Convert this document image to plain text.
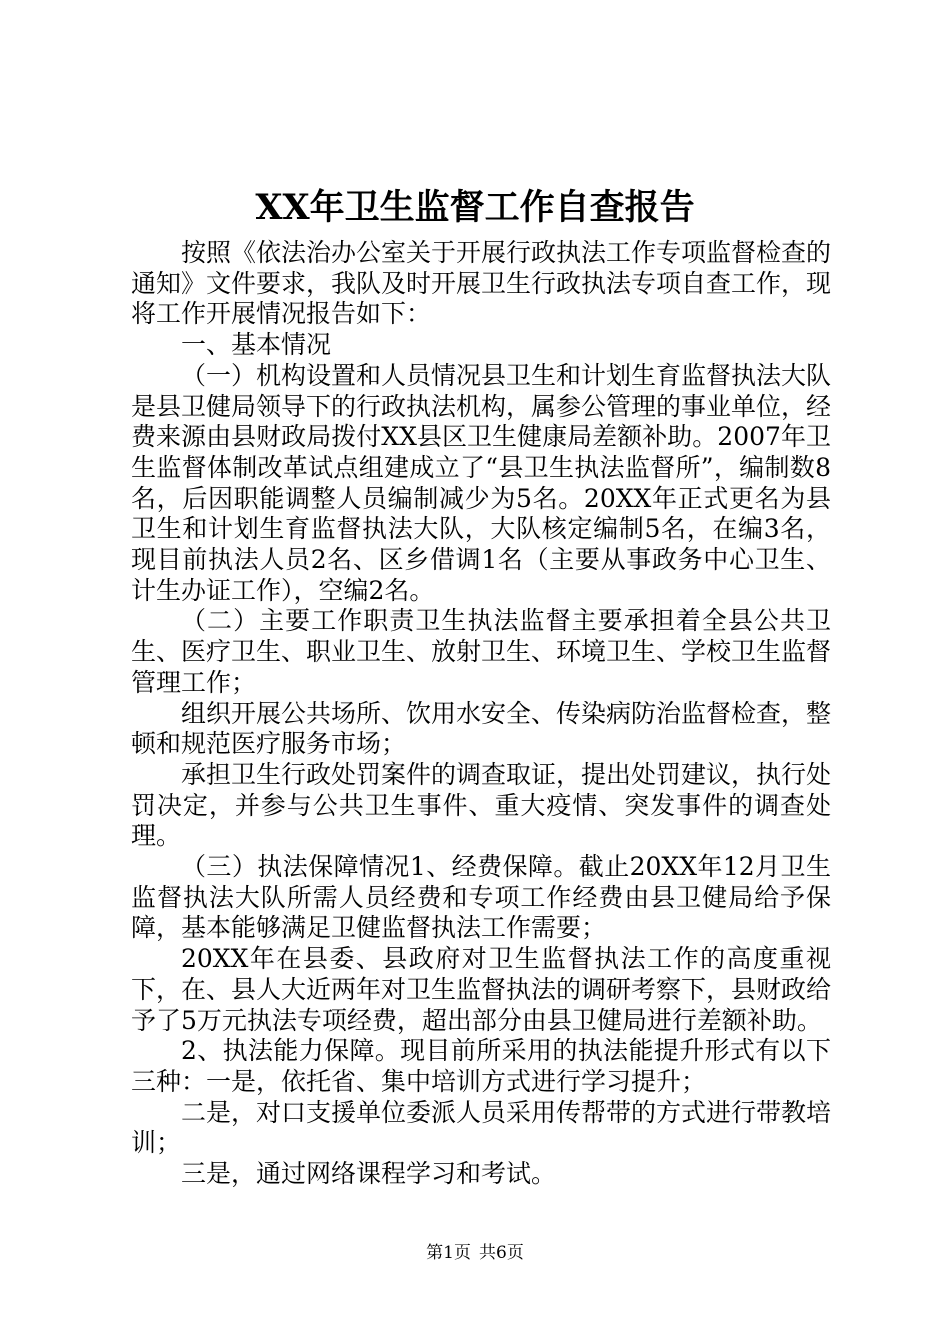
XX年卫生监督工作自查报告

按照《依法治办公室关于开展行政执法工作专项监督检查的通知》文件要求，我队及时开展卫生行政执法专项自查工作，现将工作开展情况报告如下：

一、基本情况

（一）机构设置和人员情况县卫生和计划生育监督执法大队是县卫健局领导下的行政执法机构，属参公管理的事业单位，经费来源由县财政局拨付XX县区卫生健康局差额补助。2007年卫生监督体制改革试点组建成立了“县卫生执法监督所”，编制数8名，后因职能调整人员编制减少为5名。20XX年正式更名为县卫生和计划生育监督执法大队，大队核定编制5名，在编3名，现目前执法人员2名、区乡借调1名（主要从事政务中心卫生、计生办证工作），空编2名。

（二）主要工作职责卫生执法监督主要承担着全县公共卫生、医疗卫生、职业卫生、放射卫生、环境卫生、学校卫生监督管理工作；

组织开展公共场所、饮用水安全、传染病防治监督检查，整顿和规范医疗服务市场；

承担卫生行政处罚案件的调查取证，提出处罚建议，执行处罚决定，并参与公共卫生事件、重大疫情、突发事件的调查处理。

（三）执法保障情况1、经费保障。截止20XX年12月卫生监督执法大队所需人员经费和专项工作经费由县卫健局给予保障，基本能够满足卫健监督执法工作需要；

20XX年在县委、县政府对卫生监督执法工作的高度重视下，在、县人大近两年对卫生监督执法的调研考察下，县财政给予了5万元执法专项经费，超出部分由县卫健局进行差额补助。

2、执法能力保障。现目前所采用的执法能提升形式有以下三种：一是，依托省、集中培训方式进行学习提升；

二是，对口支援单位委派人员采用传帮带的方式进行带教培训；

三是，通过网络课程学习和考试。

第1页 共6页
